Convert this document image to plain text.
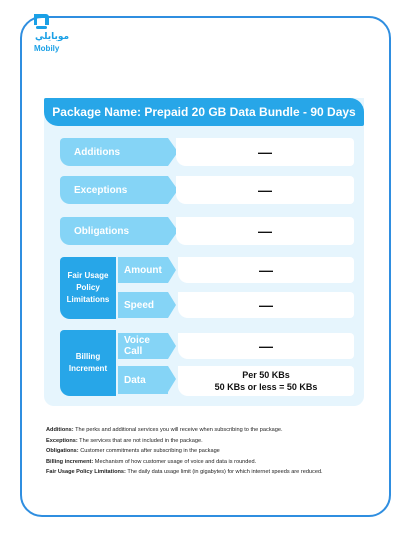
موبايلي
Mobily
Package Name: Prepaid 20 GB Data Bundle - 90 Days
Additions	—
Exceptions	—
Obligations	—
Fair Usage Policy Limitations
Amount	—
Speed	—
Billing Increment
Voice Call	—
Data	Per 50 KBs
50 KBs or less = 50 KBs

Additions: The perks and additional services you will receive when subscribing to the package.

Exceptions: The services that are not included in the package.

Obligations: Customer commitments after subscribing in the package

Billing increment: Mechanism of how customer usage of voice and data is rounded.

Fair Usage Policy Limitations: The daily data usage limit (in gigabytes) for which internet speeds are reduced.
